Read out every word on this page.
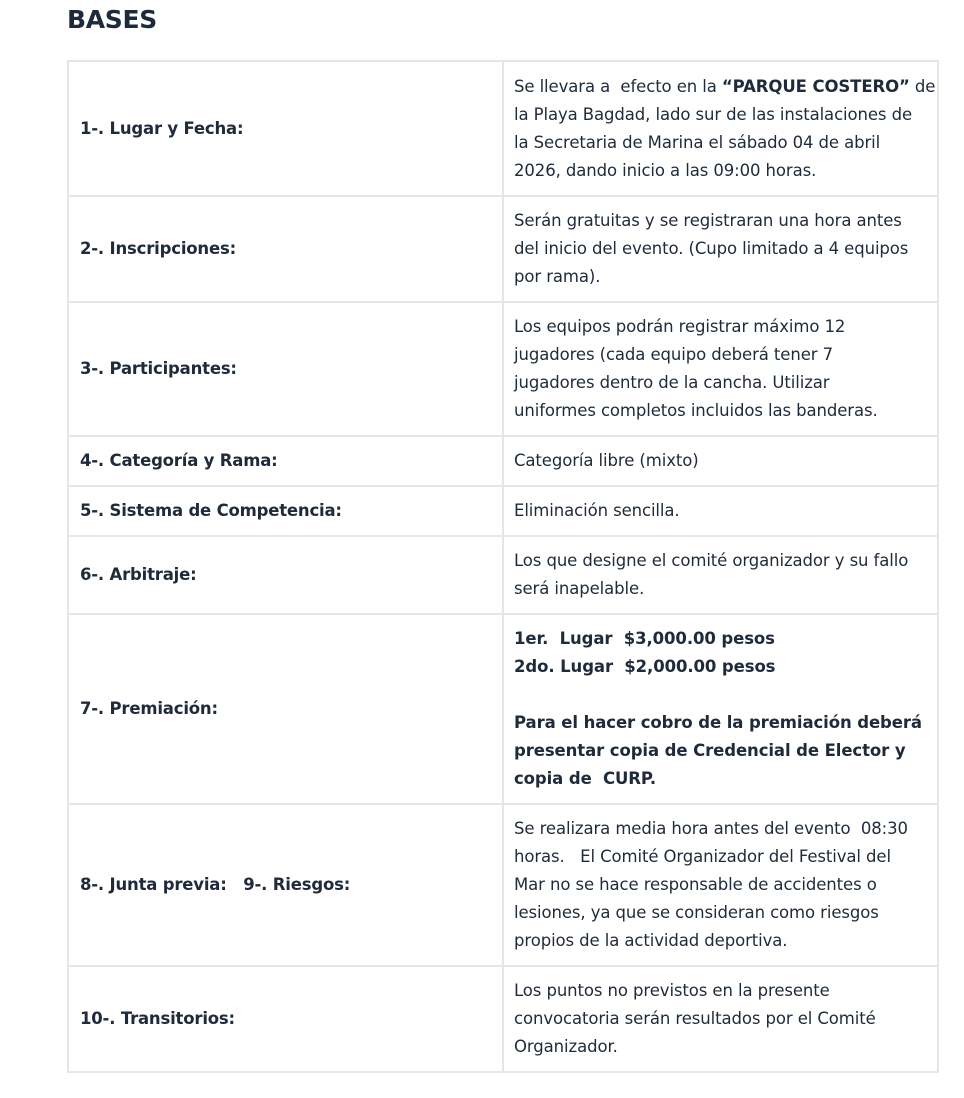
BASES
1-. Lugar y Fecha:	Se llevara a  efecto en la “PARQUE COSTERO” de
la Playa Bagdad, lado sur de las instalaciones de
la Secretaria de Marina el sábado 04 de abril
2026, dando inicio a las 09:00 horas.

2-. Inscripciones:	Serán gratuitas y se registraran una hora antes
del inicio del evento. (Cupo limitado a 4 equipos
por rama).

3-. Participantes:	Los equipos podrán registrar máximo 12
jugadores (cada equipo deberá tener 7
jugadores dentro de la cancha. Utilizar
uniformes completos incluidos las banderas.

4-. Categoría y Rama:	Categoría libre (mixto)

5-. Sistema de Competencia:	Eliminación sencilla.

6-. Arbitraje:	Los que designe el comité organizador y su fallo
será inapelable.

7-. Premiación:	1er.  Lugar  $3,000.00 pesos
2do. Lugar  $2,000.00 pesos
Para el hacer cobro de la premiación deberá
presentar copia de Credencial de Elector y
copia de  CURP.

8-. Junta previa:   9-. Riesgos:	Se realizara media hora antes del evento  08:30
horas.   El Comité Organizador del Festival del
Mar no se hace responsable de accidentes o
lesiones, ya que se consideran como riesgos
propios de la actividad deportiva.

10-. Transitorios:	Los puntos no previstos en la presente
convocatoria serán resultados por el Comité
Organizador.
